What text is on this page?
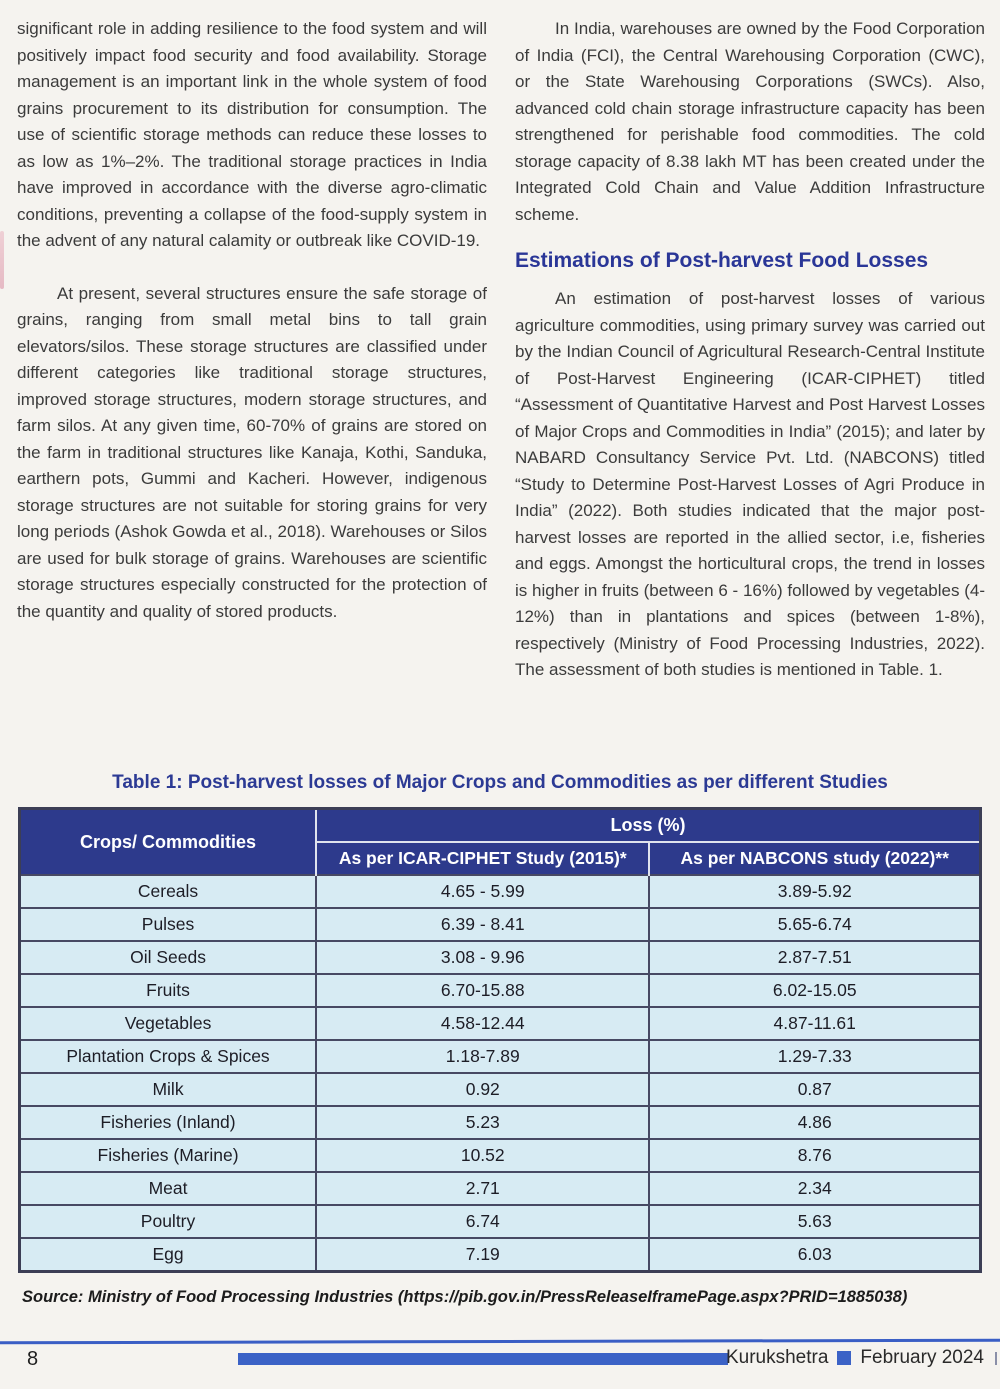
significant role in adding resilience to the food system and will positively impact food security and food availability. Storage management is an important link in the whole system of food grains procurement to its distribution for consumption. The use of scientific storage methods can reduce these losses to as low as 1%–2%. The traditional storage practices in India have improved in accordance with the diverse agro-climatic conditions, preventing a collapse of the food-supply system in the advent of any natural calamity or outbreak like COVID-19.

At present, several structures ensure the safe storage of grains, ranging from small metal bins to tall grain elevators/silos. These storage structures are classified under different categories like traditional storage structures, improved storage structures, modern storage structures, and farm silos. At any given time, 60-70% of grains are stored on the farm in traditional structures like Kanaja, Kothi, Sanduka, earthern pots, Gummi and Kacheri. However, indigenous storage structures are not suitable for storing grains for very long periods (Ashok Gowda et al., 2018). Warehouses or Silos are used for bulk storage of grains. Warehouses are scientific storage structures especially constructed for the protection of the quantity and quality of stored products.

In India, warehouses are owned by the Food Corporation of India (FCI), the Central Warehousing Corporation (CWC), or the State Warehousing Corporations (SWCs). Also, advanced cold chain storage infrastructure capacity has been strengthened for perishable food commodities. The cold storage capacity of 8.38 lakh MT has been created under the Integrated Cold Chain and Value Addition Infrastructure scheme.

Estimations of Post-harvest Food Losses

An estimation of post-harvest losses of various agriculture commodities, using primary survey was carried out by the Indian Council of Agricultural Research-Central Institute of Post-Harvest Engineering (ICAR-CIPHET) titled “Assessment of Quantitative Harvest and Post Harvest Losses of Major Crops and Commodities in India” (2015); and later by NABARD Consultancy Service Pvt. Ltd. (NABCONS) titled “Study to Determine Post-Harvest Losses of Agri Produce in India” (2022). Both studies indicated that the major post-harvest losses are reported in the allied sector, i.e, fisheries and eggs. Amongst the horticultural crops, the trend in losses is higher in fruits (between 6 - 16%) followed by vegetables (4-12%) than in plantations and spices (between 1-8%), respectively (Ministry of Food Processing Industries, 2022). The assessment of both studies is mentioned in Table. 1.

Table 1: Post-harvest losses of Major Crops and Commodities as per different Studies
Crops/ Commodities	Loss (%)	
	As per ICAR-CIPHET Study (2015)*	As per NABCONS study (2022)**
Cereals	4.65 - 5.99	3.89-5.92
Pulses	6.39 - 8.41	5.65-6.74
Oil Seeds	3.08 - 9.96	2.87-7.51
Fruits	6.70-15.88	6.02-15.05
Vegetables	4.58-12.44	4.87-11.61
Plantation Crops & Spices	1.18-7.89	1.29-7.33
Milk	0.92	0.87
Fisheries (Inland)	5.23	4.86
Fisheries (Marine)	10.52	8.76
Meat	2.71	2.34
Poultry	6.74	5.63
Egg	7.19	6.03
Source: Ministry of Food Processing Industries (https://pib.gov.in/PressReleaseIframePage.aspx?PRID=1885038)
8	Kurukshetra February 2024
